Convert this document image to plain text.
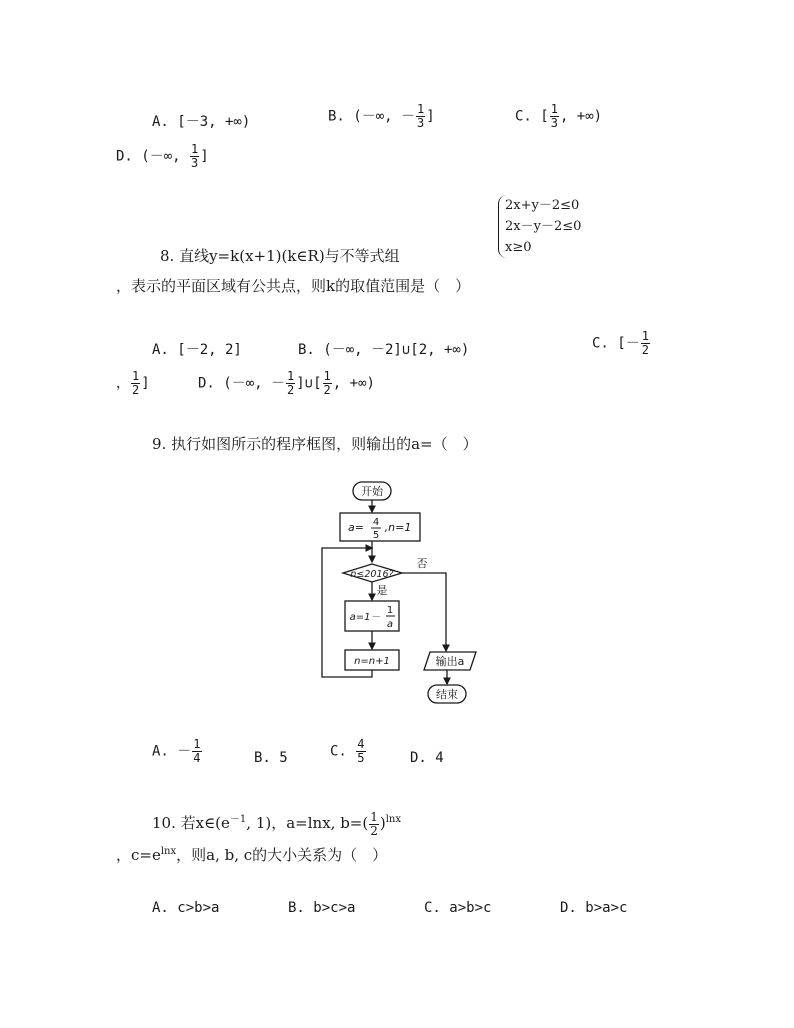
A. [－3, +∞)	B. (－∞, － $\frac{1}{3}$ ]	C. [ $\frac{1}{3}$ , +∞)
D. (－∞, $\frac{1}{3}$ ]
8. 直线y=k(x+1)(k∈R)与不等式组
2x+y－2≤0
2x－y－2≤0
x≥0
，表示的平面区域有公共点，则k的取值范围是（　）
A. [－2, 2]	B. (－∞, －2]∪[2, +∞)	C. [－ $\frac{1}{2}$
， $\frac{1}{2}$ ]	D. (－∞, － $\frac{1}{2}$ ]∪[ $\frac{1}{2}$ , +∞)
9. 执行如图所示的程序框图，则输出的a=（　）
开始
a= 4
5
,n=1
n≤2016?
否
是
a=1－
1
a
n=n+1	输出a
结束
A. － $\frac{1}{4}$	B. 5	C. $\frac{4}{5}$	D. 4
10. 若$x\in(e^{-1}$, 1)，a=lnx, $b=( \frac{1}{2} )^{lnx}$
，$c=e^{lnx}$，则a, b, c的大小关系为（　）
A. c>b>a	B. b>c>a	C. a>b>c	D. b>a>c
